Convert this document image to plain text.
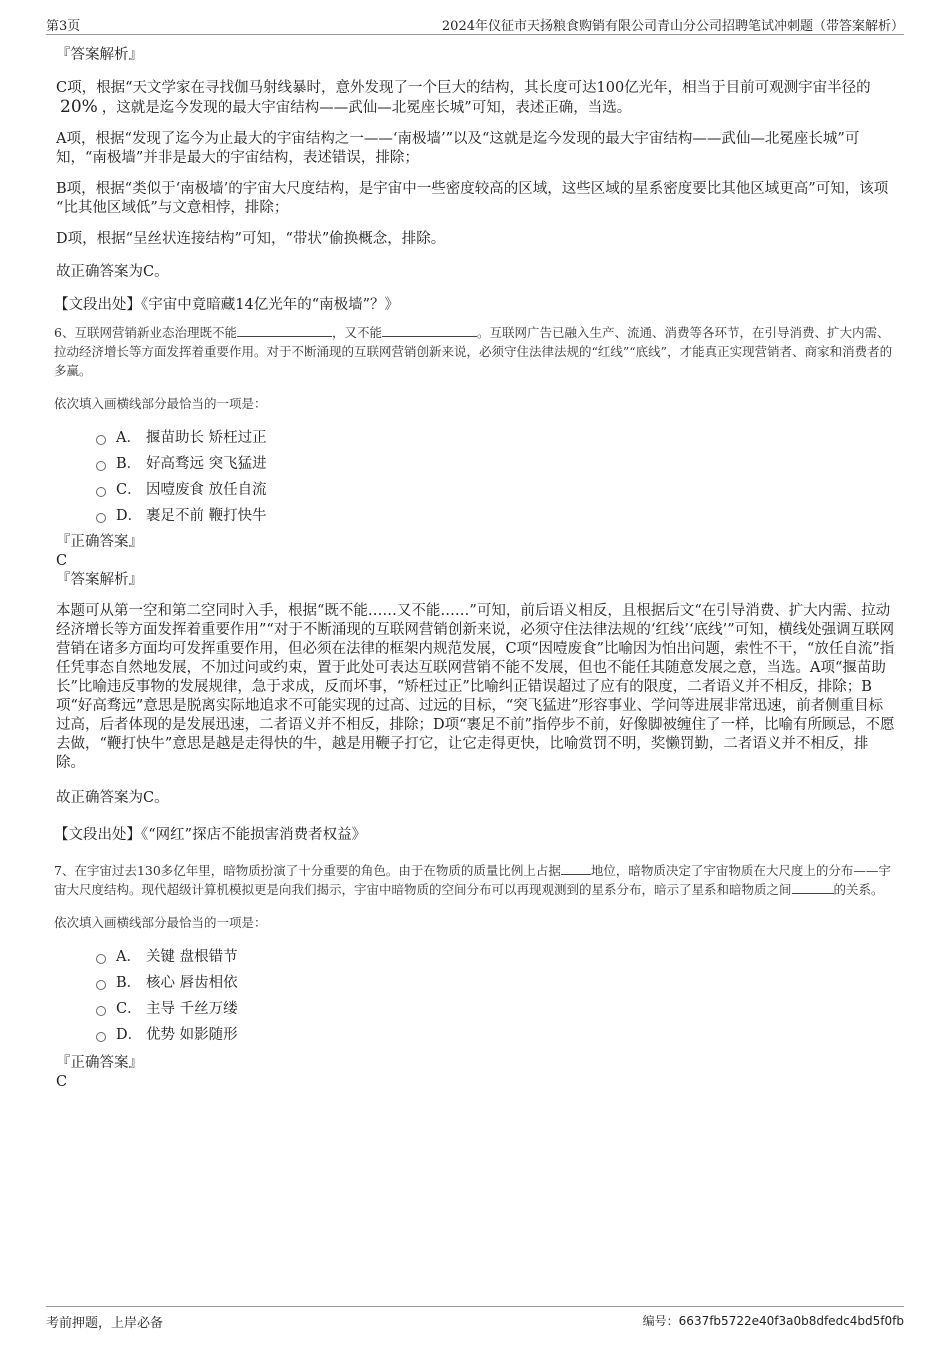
第3页	2024年仪征市天扬粮食购销有限公司青山分公司招聘笔试冲刺题（带答案解析）

『答案解析』

C项，根据“天文学家在寻找伽马射线暴时，意外发现了一个巨大的结构，其长度可达100亿光年，相当于目前可观测宇宙半径的20% ，这就是迄今发现的最大宇宙结构——武仙—北冕座长城”可知，表述正确，当选。

A项，根据“发现了迄今为止最大的宇宙结构之一——‘南极墙’”以及“这就是迄今发现的最大宇宙结构——武仙—北冕座长城”可知，“南极墙”并非是最大的宇宙结构，表述错误，排除；

B项，根据“类似于‘南极墙’的宇宙大尺度结构，是宇宙中一些密度较高的区域，这些区域的星系密度要比其他区域更高”可知，该项 “比其他区域低”与文意相悖，排除；

D项，根据“呈丝状连接结构”可知，“带状”偷换概念，排除。

故正确答案为C。

【文段出处】《宇宙中竟暗藏14亿光年的“南极墙”？》

6、互联网营销新业态治理既不能	，又不能	。互联网广告已融入生产、流通、消费等各环节，在引导消费、扩大内需、拉动经济增长等方面发挥着重要作用。对于不断涌现的互联网营销创新来说，必须守住法律法规的“红线”“底线”，才能真正实现营销者、商家和消费者的多赢。

依次填入画横线部分最恰当的一项是：

A． 揠苗助长 矫枉过正
B． 好高骛远 突飞猛进
C． 因噎废食 放任自流
D． 裹足不前 鞭打快牛

『正确答案』

C

『答案解析』

本题可从第一空和第二空同时入手，根据“既不能……又不能……”可知，前后语义相反，且根据后文“在引导消费、扩大内需、拉动经济增长等方面发挥着重要作用”“对于不断涌现的互联网营销创新来说，必须守住法律法规的‘红线’‘底线’”可知，横线处强调互联网营销在诸多方面均可发挥重要作用，但必须在法律的框架内规范发展，C项“因噎废食”比喻因为怕出问题，索性不干，“放任自流”指任凭事态自然地发展，不加过问或约束，置于此处可表达互联网营销不能不发展，但也不能任其随意发展之意，当选。A项“揠苗助长”比喻违反事物的发展规律，急于求成，反而坏事，“矫枉过正”比喻纠正错误超过了应有的限度，二者语义并不相反，排除；B项“好高骛远”意思是脱离实际地追求不可能实现的过高、过远的目标，“突飞猛进”形容事业、学问等进展非常迅速，前者侧重目标过高，后者体现的是发展迅速，二者语义并不相反，排除；D项“裹足不前”指停步不前，好像脚被缠住了一样，比喻有所顾忌，不愿去做，“鞭打快牛”意思是越是走得快的牛，越是用鞭子打它，让它走得更快，比喻赏罚不明，奖懒罚勤，二者语义并不相反，排除。

故正确答案为C。

【文段出处】《“网红”探店不能损害消费者权益》

7、在宇宙过去130多亿年里，暗物质扮演了十分重要的角色。由于在物质的质量比例上占据 地位，暗物质决定了宇宙物质在大尺度上的分布——宇宙大尺度结构。现代超级计算机模拟更是向我们揭示，宇宙中暗物质的空间分布可以再现观测到的星系分布，暗示了星系和暗物质之间	的关系。

依次填入画横线部分最恰当的一项是：

A． 关键 盘根错节
B． 核心 唇齿相依
C． 主导 千丝万缕
D． 优势 如影随形

『正确答案』

C

考前押题，上岸必备	编号：6637fb5722e40f3a0b8dfedc4bd5f0fb
